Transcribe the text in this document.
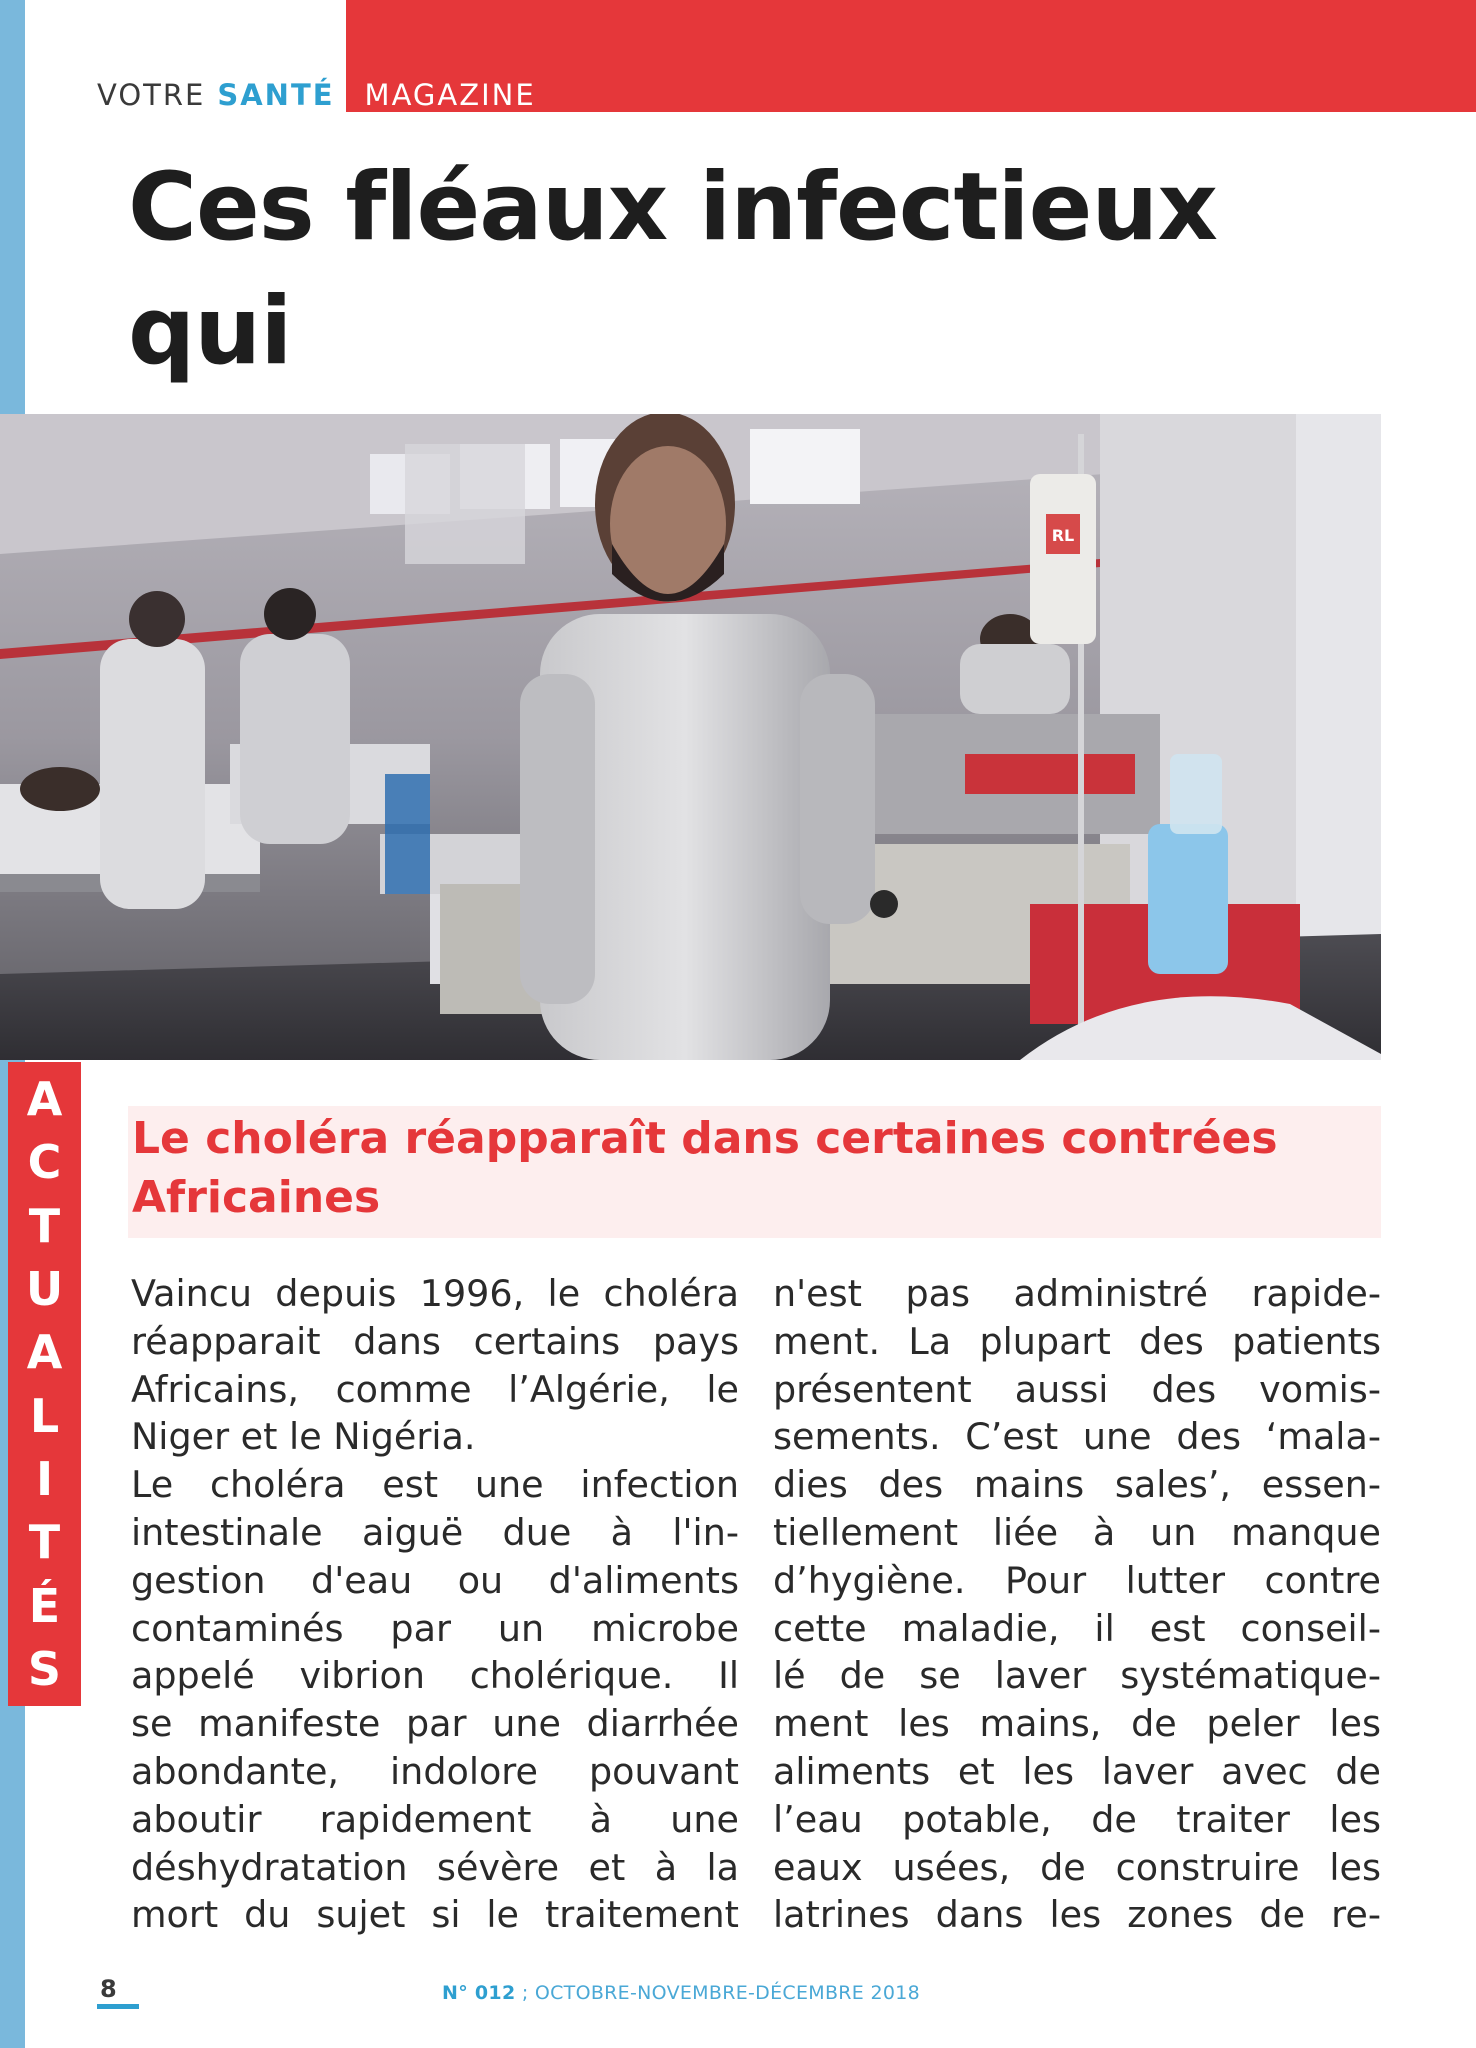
VOTRE SANTÉ MAGAZINE
Ces fléaux infectieux qui
RL
A
C
T
U
A
L
I
T
É
S
Le choléra réapparaît dans certaines contrées
Africaines
Vaincu depuis 1996, le choléra
réapparait dans certains pays
Africains, comme l’Algérie, le
Niger et le Nigéria.
Le choléra est une infection
intestinale aiguë due à l'in-
gestion d'eau ou d'aliments
contaminés par un microbe
appelé vibrion cholérique. Il
se manifeste par une diarrhée
abondante, indolore pouvant
aboutir rapidement à une
déshydratation sévère et à la
mort du sujet si le traitement
n'est pas administré rapide-
ment. La plupart des patients
présentent aussi des vomis-
sements. C’est une des ‘mala-
dies des mains sales’, essen-
tiellement liée à un manque
d’hygiène. Pour lutter contre
cette maladie, il est conseil-
lé de se laver systématique-
ment les mains, de peler les
aliments et les laver avec de
l’eau potable, de traiter les
eaux usées, de construire les
latrines dans les zones de re-
8	N° 012 ; OCTOBRE-NOVEMBRE-DÉCEMBRE 2018
